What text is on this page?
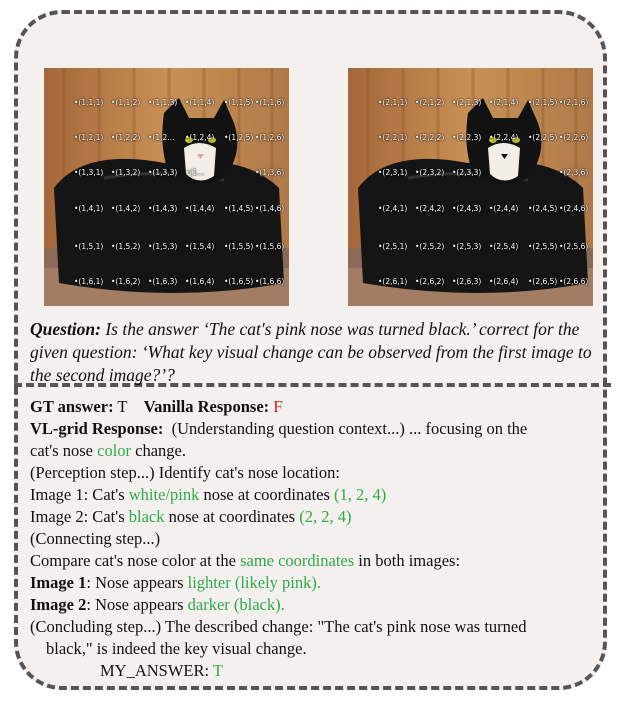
•(1,1,1) •(1,1,2) •(1,1,3) •(1,1,4) •(1,1,5) •(1,1,6)
•(1,2,1) •(1,2,2) •(1,2... •(1,2,4) •(1,2,5) •(1,2,6)
•(1,3,1) •(1,3,2) •(1,3,3) •(1...	•(1,3,6)
•(1,4,1) •(1,4,2) •(1,4,3) •(1,4,4) •(1,4,5) •(1,4,6)
•(1,5,1) •(1,5,2) •(1,5,3) •(1,5,4) •(1,5,5) •(1,5,6)
•(1,6,1) •(1,6,2) •(1,6,3) •(1,6,4) •(1,6,5) •(1,6,6)
•(2,1,1) •(2,1,2) •(2,1,3) •(2,1,4) •(2,1,5) •(2,1,6)
•(2,2,1) •(2,2,2) •(2,2,3) •(2,2,4) •(2,2,5) •(2,2,6)
•(2,3,1) •(2,3,2) •(2,3,3)	•(2,3,6)
•(2,4,1) •(2,4,2) •(2,4,3) •(2,4,4) •(2,4,5) •(2,4,6)
•(2,5,1) •(2,5,2) •(2,5,3) •(2,5,4) •(2,5,5) •(2,5,6)
•(2,6,1) •(2,6,2) •(2,6,3) •(2,6,4) •(2,6,5) •(2,6,6)
Question: Is the answer ‘The cat's pink nose was turned black.’ correct for the given question: ‘What key visual change can be observed from the first image to the second image?’?
GT answer: T Vanilla Response: F
VL-grid Response: (Understanding question context...) ... focusing on the
cat's nose color change.
(Perception step...) Identify cat's nose location:
Image 1: Cat's white/pink nose at coordinates (1, 2, 4)
Image 2: Cat's black nose at coordinates (2, 2, 4)
(Connecting step...)
Compare cat's nose color at the same coordinates in both images:
Image 1: Nose appears lighter (likely pink).
Image 2: Nose appears darker (black).
(Concluding step...) The described change: "The cat's pink nose was turned
black," is indeed the key visual change.
MY_ANSWER: T
